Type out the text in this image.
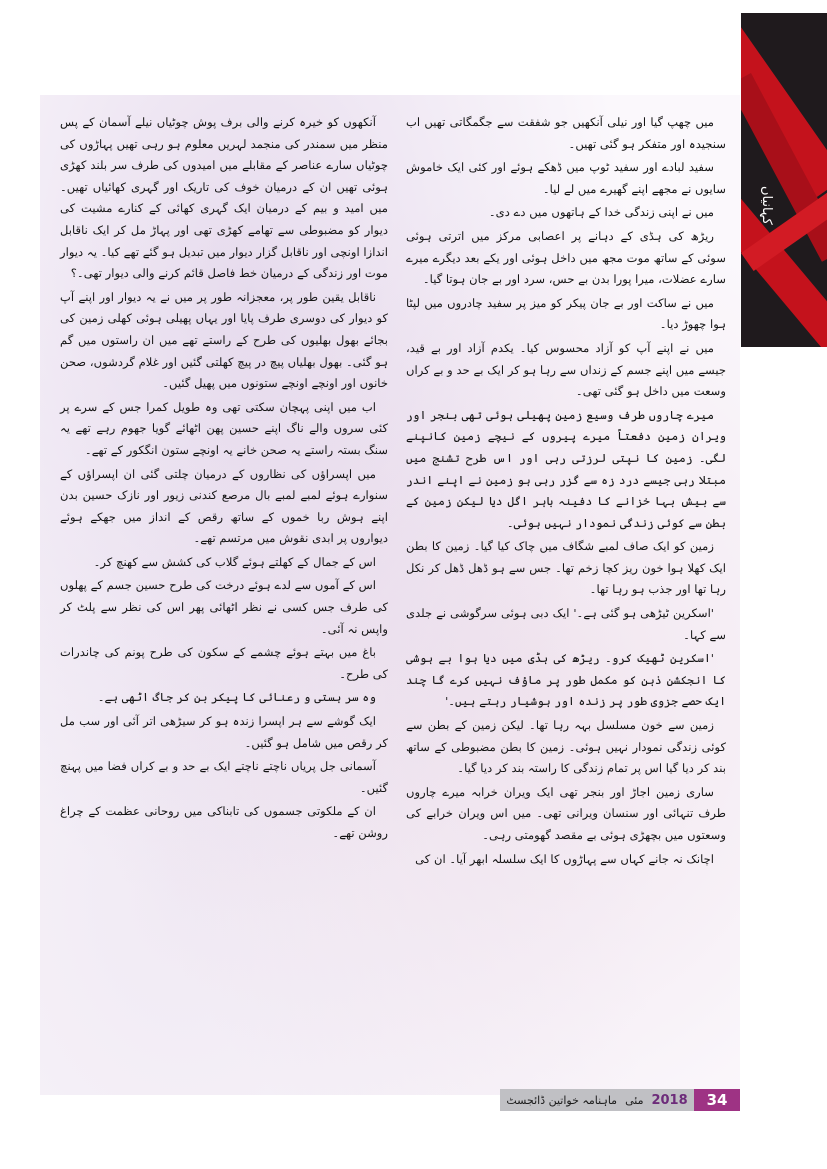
کہانیاں

میں چھپ گیا اور نیلی آنکھیں جو شفقت سے جگمگاتی تھیں اب سنجیدہ اور متفکر ہو گئی تھیں۔

سفید لبادے اور سفید ٹوپ میں ڈھکے ہوئے اور کئی ایک خاموش سایوں نے مجھے اپنے گھیرے میں لے لیا۔

میں نے اپنی زندگی خدا کے ہاتھوں میں دے دی۔

ریڑھ کی ہڈی کے دہانے پر اعصابی مرکز میں اترتی ہوئی سوئی کے ساتھ موت مجھ میں داخل ہوئی اور یکے بعد دیگرے میرے سارے عضلات، میرا پورا بدن بے حس، سرد اور بے جان ہوتا گیا۔

میں نے ساکت اور بے جان پیکر کو میز پر سفید چادروں میں لپٹا ہوا چھوڑ دیا۔

میں نے اپنے آپ کو آزاد محسوس کیا۔ یکدم آزاد اور بے قید، جیسے میں اپنے جسم کے زنداں سے رہا ہو کر ایک بے حد و بے کراں وسعت میں داخل ہو گئی تھی۔

میرے چاروں طرف وسیع زمین پھیلی ہوئی تھی بنجر اور ویران زمین دفعتاً میرے پیروں کے نیچے زمین کانپنے لگی۔ زمین کا نپتی لرزتی رہی اور اس طرح تشنج میں مبتلا رہی جیسے درد زہ سے گزر رہی ہو زمین نے اپنے اندر سے بیش بہا خزانے کا دفینہ باہر اگل دیا لیکن زمین کے بطن سے کوئی زندگی نمودار نہیں ہوئی۔

زمین کو ایک صاف لمبے شگاف میں چاک کیا گیا۔ زمین کا بطن ایک کھلا ہوا خون ریز کچا زخم تھا۔ جس سے ہو ڈھل ڈھل کر نکل رہا تھا اور جذب ہو رہا تھا۔

'اسکرین ٹیڑھی ہو گئی ہے۔' ایک دبی ہوئی سرگوشی نے جلدی سے کہا۔

'اسکرین ٹھیک کرو۔ ریڑھ کی ہڈی میں دیا ہوا بے ہوشی کا انجکشن ذہن کو مکمل طور پر ماؤف نہیں کرے گا چند ایک حصے جزوی طور پر زندہ اور ہوشیار رہتے ہیں۔'

زمین سے خون مسلسل بہہ رہا تھا۔ لیکن زمین کے بطن سے کوئی زندگی نمودار نہیں ہوئی۔ زمین کا بطن مضبوطی کے ساتھ بند کر دیا گیا اس پر تمام زندگی کا راستہ بند کر دیا گیا۔

ساری زمین اجاڑ اور بنجر تھی ایک ویران خرابہ میرے چاروں طرف تنہائی اور سنسان ویرانی تھی۔ میں اس ویران خرابے کی وسعتوں میں بچھڑی ہوئی بے مقصد گھومتی رہی۔

اچانک نہ جانے کہاں سے پہاڑوں کا ایک سلسلہ ابھر آیا۔ ان کی

آنکھوں کو خیرہ کرنے والی برف پوش چوٹیاں نیلے آسمان کے پس منظر میں سمندر کی منجمد لہریں معلوم ہو رہی تھیں پہاڑوں کی چوٹیاں سارے عناصر کے مقابلے میں امیدوں کی طرف سر بلند کھڑی ہوئی تھیں ان کے درمیان خوف کی تاریک اور گہری کھائیاں تھیں۔ میں امید و بیم کے درمیان ایک گہری کھائی کے کنارے مشیت کی دیوار کو مضبوطی سے تھامے کھڑی تھی اور پہاڑ مل کر ایک ناقابل اندازا اونچی اور ناقابل گزار دیوار میں تبدیل ہو گئے تھے کیا۔ یہ دیوار موت اور زندگی کے درمیان خط فاصل قائم کرنے والی دیوار تھی۔؟

ناقابل یقین طور پر، معجزانہ طور پر میں نے یہ دیوار اور اپنے آپ کو دیوار کی دوسری طرف پایا اور یہاں پھیلی ہوئی کھلی زمین کی بجائے بھول بھلیوں کی طرح کے راستے تھے میں ان راستوں میں گم ہو گئی۔ بھول بھلیاں پیچ در پیچ کھلتی گئیں اور غلام گردشوں، صحن خانوں اور اونچے اونچے ستونوں میں پھیل گئیں۔

اب میں اپنی پہچان سکتی تھی وہ طویل کمرا جس کے سرے پر کئی سروں والے ناگ اپنے حسین پھن اٹھائے گویا جھوم رہے تھے یہ سنگ بستہ راستے یہ صحن خانے یہ اونچے ستون انگکور کے تھے۔

میں اپسراؤں کی نظاروں کے درمیان چلتی گئی ان اپسراؤں کے سنوارے ہوئے لمبے لمبے بال مرصع کندنی زیور اور نازک حسین بدن اپنے ہوش ربا خموں کے ساتھ رقص کے انداز میں جھکے ہوئے دیواروں پر ابدی نقوش میں مرتسم تھے۔

اس کے جمال کے کھلتے ہوئے گلاب کی کشش سے کھنچ کر۔

اس کے آموں سے لدے ہوئے درخت کی طرح حسین جسم کے پھلوں کی طرف جس کسی نے نظر اٹھائی پھر اس کی نظر سے پلٹ کر واپس نہ آئی۔

باغ میں بہتے ہوئے چشمے کے سکون کی طرح پونم کی چاندرات کی طرح۔

وہ سر ہستی و رعنائی کا پیکر بن کر جاگ اٹھی ہے۔

ایک گوشے سے ہر اپسرا زندہ ہو کر سیڑھی اتر آئی اور سب مل کر رقص میں شامل ہو گئیں۔

آسمانی جل پریاں ناچتے ناچتے ایک بے حد و بے کراں فضا میں پہنچ گئیں۔

ان کے ملکوتی جسموں کی تابناکی میں روحانی عظمت کے چراغ روشن تھے۔

34
2018
مئی
ماہنامہ خواتین ڈائجسٹ
